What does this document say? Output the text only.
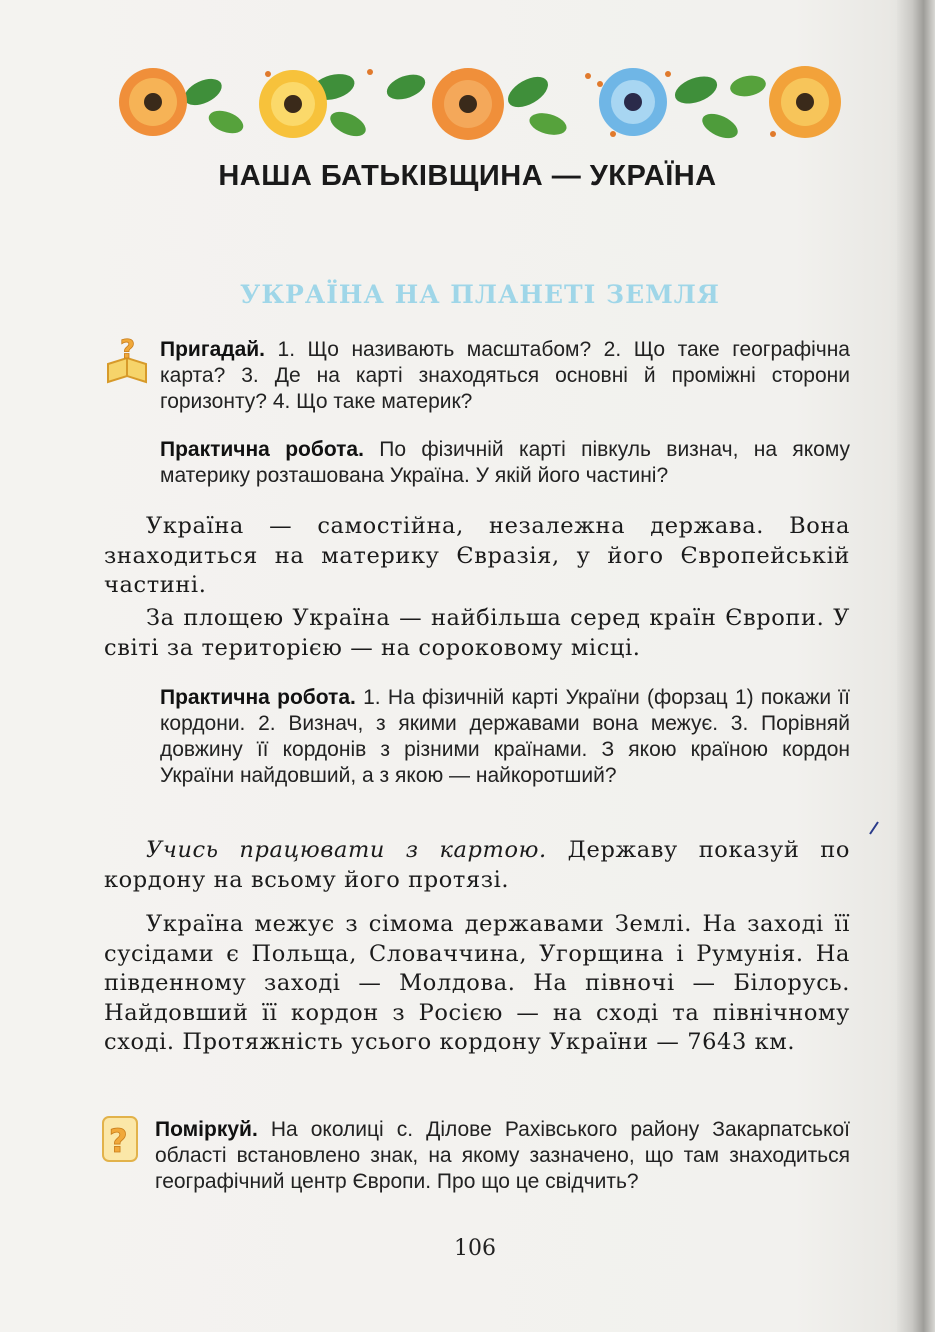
НАША БАТЬКІВЩИНА — УКРАЇНА
УКРАЇНА НА ПЛАНЕТІ ЗЕМЛЯ
? Пригадай. 1. Що називають масштабом? 2. Що таке географічна карта? 3. Де на карті знаходяться основні й проміжні сторони горизонту? 4. Що таке материк?
Практична робота. По фізичній карті півкуль визнач, на якому материку розташована Україна. У якій його частині?
Україна — самостійна, незалежна держава. Вона знаходиться на материку Євразія, у його Європейській частині.
За площею Україна — найбільша серед країн Європи. У світі за територією — на сороковому місці.
Практична робота. 1. На фізичній карті України (форзац 1) покажи її кордони. 2. Визнач, з якими державами вона межує. 3. Порівняй довжину її кордонів з різними країнами. З якою країною кордон України найдовший, а з якою — найкоротший?
Учись працювати з картою. Державу показуй по кордону на всьому його протязі.
Україна межує з сімома державами Землі. На заході її сусідами є Польща, Словаччина, Угорщина і Румунія. На південному заході — Молдова. На півночі — Білорусь. Найдовший її кордон з Росією — на сході та північному сході. Протяжність усього кордону України — 7643 км.
? Поміркуй. На околиці с. Ділове Рахівського району Закарпатської області встановлено знак, на якому зазначено, що там знаходиться географічний центр Європи. Про що це свідчить?
106
